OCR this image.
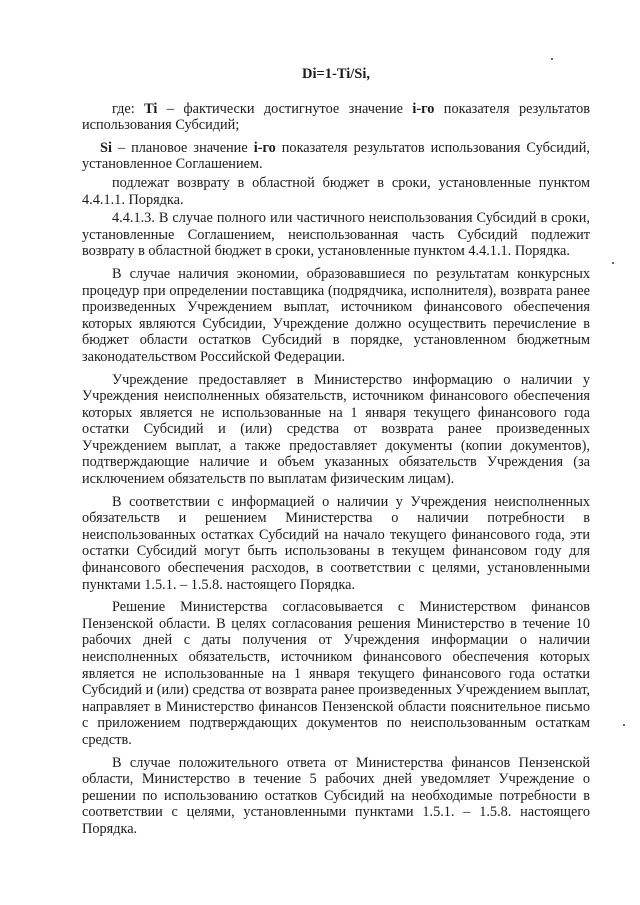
Di=1-Ti/Si,

где: Ti – фактически достигнутое значение i-го показателя результатов использования Субсидий;

Si – плановое значение i-го показателя результатов использования Субсидий, установленное Соглашением.

подлежат возврату в областной бюджет в сроки, установленные пунктом 4.4.1.1. Порядка.

4.4.1.3. В случае полного или частичного неиспользования Субсидий в сроки, установленные Соглашением, неиспользованная часть Субсидий подлежит возврату в областной бюджет в сроки, установленные пунктом 4.4.1.1. Порядка.

В случае наличия экономии, образовавшиеся по результатам конкурсных процедур при определении поставщика (подрядчика, исполнителя), возврата ранее произведенных Учреждением выплат, источником финансового обеспечения которых являются Субсидии, Учреждение должно осуществить перечисление в бюджет области остатков Субсидий в порядке, установленном бюджетным законодательством Российской Федерации.

Учреждение предоставляет в Министерство информацию о наличии у Учреждения неисполненных обязательств, источником финансового обеспечения которых является не использованные на 1 января текущего финансового года остатки Субсидий и (или) средства от возврата ранее произведенных Учреждением выплат, а также предоставляет документы (копии документов), подтверждающие наличие и объем указанных обязательств Учреждения (за исключением обязательств по выплатам физическим лицам).

В соответствии с информацией о наличии у Учреждения неисполненных обязательств и решением Министерства о наличии потребности в неиспользованных остатках Субсидий на начало текущего финансового года, эти остатки Субсидий могут быть использованы в текущем финансовом году для финансового обеспечения расходов, в соответствии с целями, установленными пунктами 1.5.1. – 1.5.8. настоящего Порядка.

Решение Министерства согласовывается с Министерством финансов Пензенской области. В целях согласования решения Министерство в течение 10 рабочих дней с даты получения от Учреждения информации о наличии неисполненных обязательств, источником финансового обеспечения которых является не использованные на 1 января текущего финансового года остатки Субсидий и (или) средства от возврата ранее произведенных Учреждением выплат, направляет в Министерство финансов Пензенской области пояснительное письмо с приложением подтверждающих документов по неиспользованным остаткам средств.

В случае положительного ответа от Министерства финансов Пензенской области, Министерство в течение 5 рабочих дней уведомляет Учреждение о решении по использованию остатков Субсидий на необходимые потребности в соответствии с целями, установленными пунктами 1.5.1. – 1.5.8. настоящего Порядка.
